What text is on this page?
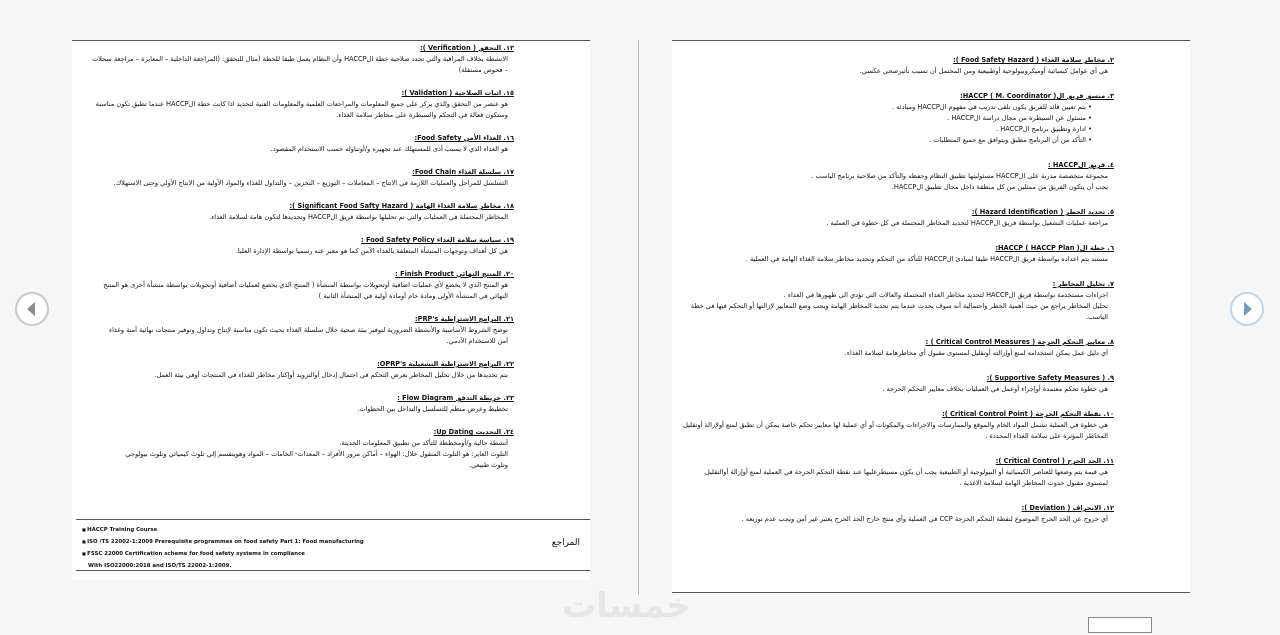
١٣. التحقق ( Verification ):
الانشطة بخلاف المراقبة والتي تحدد صلاحية خطة الHACCP وأن النظام يعمل طبقا للخطة (مثال للتحقق: (المراجعة الداخلية – المعايرة – مراجعة سجلات
– فحوص مستقلة)
١٥. اثبات الصلاحية ( Validation ):
هو عنصر من التحقق والذي يركز على جميع المعلومات والمراجعات العلمية والمعلومات الفنية لتحديد اذا كانت خطة الHACCP عندما تطبق تكون مناسبة
وستكون فعالة في التحكم والسيطرة على مخاطر سلامة الغذاء.
١٦. الغذاء الأمن Food Safety:
هو الغذاء الذي لا يسبب أذى للمستهلك عند تجهيزه و/أوتناوله حسب الاستخدام المقصود.
١٧. سلسلة الغذاء Food Chain:
التسلسل للمراحل والعمليات اللازمة في الانتاج – المعاملات – التوزيع – التخزين – والتداول للغذاء والمواد الأولية من الانتاج الأولي وحتى الاستهلاك.
١٨. مخاطر سلامة الغذاء الهامة ( Significant Food Safty Hazard ):
المخاطر المحتملة في العمليات والتي تم تحليلها بواسطة فريق الHACCP وتحديدها لتكون هامة لسلامة الغذاء.
١٩. سياسة سلامة الغذاء Food Safety Policy :
هي كل أهداف وتوجهات المنشأة المتعلقة بالغذاء الآمن كما هو معبر عنه رسميا بواسطة الإدارة العليا.
٢٠. المنتج النهائي Finish Product :
هو المنتج الذي لا يخضع لأي عمليات اضافية أوتحويلات بواسطة المنشأة ( المنتج الذي يخضع لعمليات أضافية أوتحويلات بواسطة منشأة أخرى هو المنتج
النهائي في المنشأة الأولى ومادة خام أومادة أولية في المنشأة الثانية )
٢١. البرامج الاشتراطية PRP's:
توضح الشروط الأساسية والأنشطة الضرورية لتوفير بيئة صحية خلال سلسلة الغذاء بحيث تكون مناسبة لإنتاج وتداول وتوفير منتجات نهائية آمنة وغذاء
آمن للاستخدام الآدمي.
٢٢. البرامج الاشتراطية التشغيلية OPRP's:
يتم تحديدها من خلال تحليل المخاطر بغرض التحكم في احتمال إدخال أوالتزويد أوإكثار مخاطر للغذاء في المنتجات أوفي بيئة العمل.
٢٣. خريطة التدفق Flow Diagram :
تخطيط وعرض منظم للتسلسل والتداخل بين الخطوات.
٢٤. التحديث Up Dating:
أنشطة حالية و/أومخططة للتأكد من تطبيق المعلومات الحديثة.
التلوث العابر: هو التلوث المنقول خلال: الهواء – أماكن مرور الأفراد – المعدات- الخامات – المواد وهوينقسم إلي تلوث كيميائي وتلوث بيولوجي
وتلوث طبيعي.
المراجع
■ HACCP Training Course
■ ISO /TS 22002-1:2009 Prerequisite programmes on food safety Part 1: Food manufacturing
■ FSSC 22000 Certification scheme for food safety systems in compliance
With ISO22000:2018 and ISO/TS 22002-1:2009.
٢. مخاطر سلامة الغذاء ( Food Safety Hazard ):
هي أي عوامل كيميائية أوميكروبيولوجية أوطبيعية ومن المحتمل أن تسبب تأثيرصحي عكسي.
٣. منسق فريق الHACCP ( M. Coordinator ):
• يتم تعيين قائد للفريق يكون تلقى تدريب في مفهوم الHACCP ومبادئه .
• مسئول عن السيطرة من مجال دراسة الHACCP .
• ادارة وتطبيق برنامج الHACCP .
• التأكد من أن البرنامج مطبق ويتوافق مع جميع المتطلبات .
٤. فريق الHACCP :
مجموعة متخصصة مدربة على الHACCP مسئوليتها تطبيق النظام وحفظه والتأكد من صلاحية برنامج الياسب .
يجب أن يتكون الفريق من ممثلين من كل منطقة داخل مجال تطبيق الHACCP.
٥. تحديد الخطر ( Hazard Identification ):
مراجعة عمليات التشغيل بواسطة فريق الHACCP لتحديد المخاطر المحتملة في كل خطوة في العملية .
٦. خطة الHACCP ( HACCP Plan ):
مستند يتم اعداده بواسطة فريق الHACCP طبقا لمبادئ الHACCP للتأكد من التحكم وتحديد مخاطر سلامة الغذاء الهامة في العملية .
٧. تحليل المخاطر :
اجراءات مستخدمة بواسطة فريق الHACCP لتحديد مخاطر الغذاء المحتملة والعالات التي تؤدي الى ظهورها في الغذاء .
تحليل المخاطر يراجع من حيث أهمية الخطر واحتمالية أنه سوف يحدث عندما يتم تحديد المخاطر الهامة ويجب وضع المعايير لإزالتها أو التحكم فيها في خطة
الياسب.
٨. معايير التحكم الحرجة ( Critical Control Measures ) :
أي دليل عمل يمكن استخدامه لمنع أوإزالته أوتقليل لمستوى مقبول أي مخاطرهامة لسلامة الغذاء.
٩. ( Supportive Safety Measures ):
هي خطوة تحكم معتمدة أوإجراء أوعمل في العمليات بخلاف معايير التحكم الحرجة .
١٠. نقطة التحكم الحرجة ( Critical Control Point ):
هي خطوة في العملية تشمل المواد الخام والموقع والممارسات والاجراءات والمكونات أو أي عملية لها معايير تحكم خاصة يمكن أن تطبق لمنع أولإزالة أوتقليل
المخاطر المؤثرة على سلامة الغذاء المحددة .
١١. الحد الحرج ( Critical Control ):
هي قيمة يتم وضعها للعناصر الكيميائية أو البيولوجية أو الطبيعية يجب أن يكون مسيطرعليها عند نقطة التحكم الحرجة في العملية لمنع أوإزالة أوالتقليل
لمستوى مقبول حدوث المخاطر الهامة لسلامة الاغذية .
١٢. الانحراف ( Deviation ):
أي خروج عن الحد الحرج الموضوع لنقطة التحكم الحرجة CCP في العملية وأي منتج خارج الحد الحرج يعتبر غير آمن ويجب عدم توزيعه .
خمسات
